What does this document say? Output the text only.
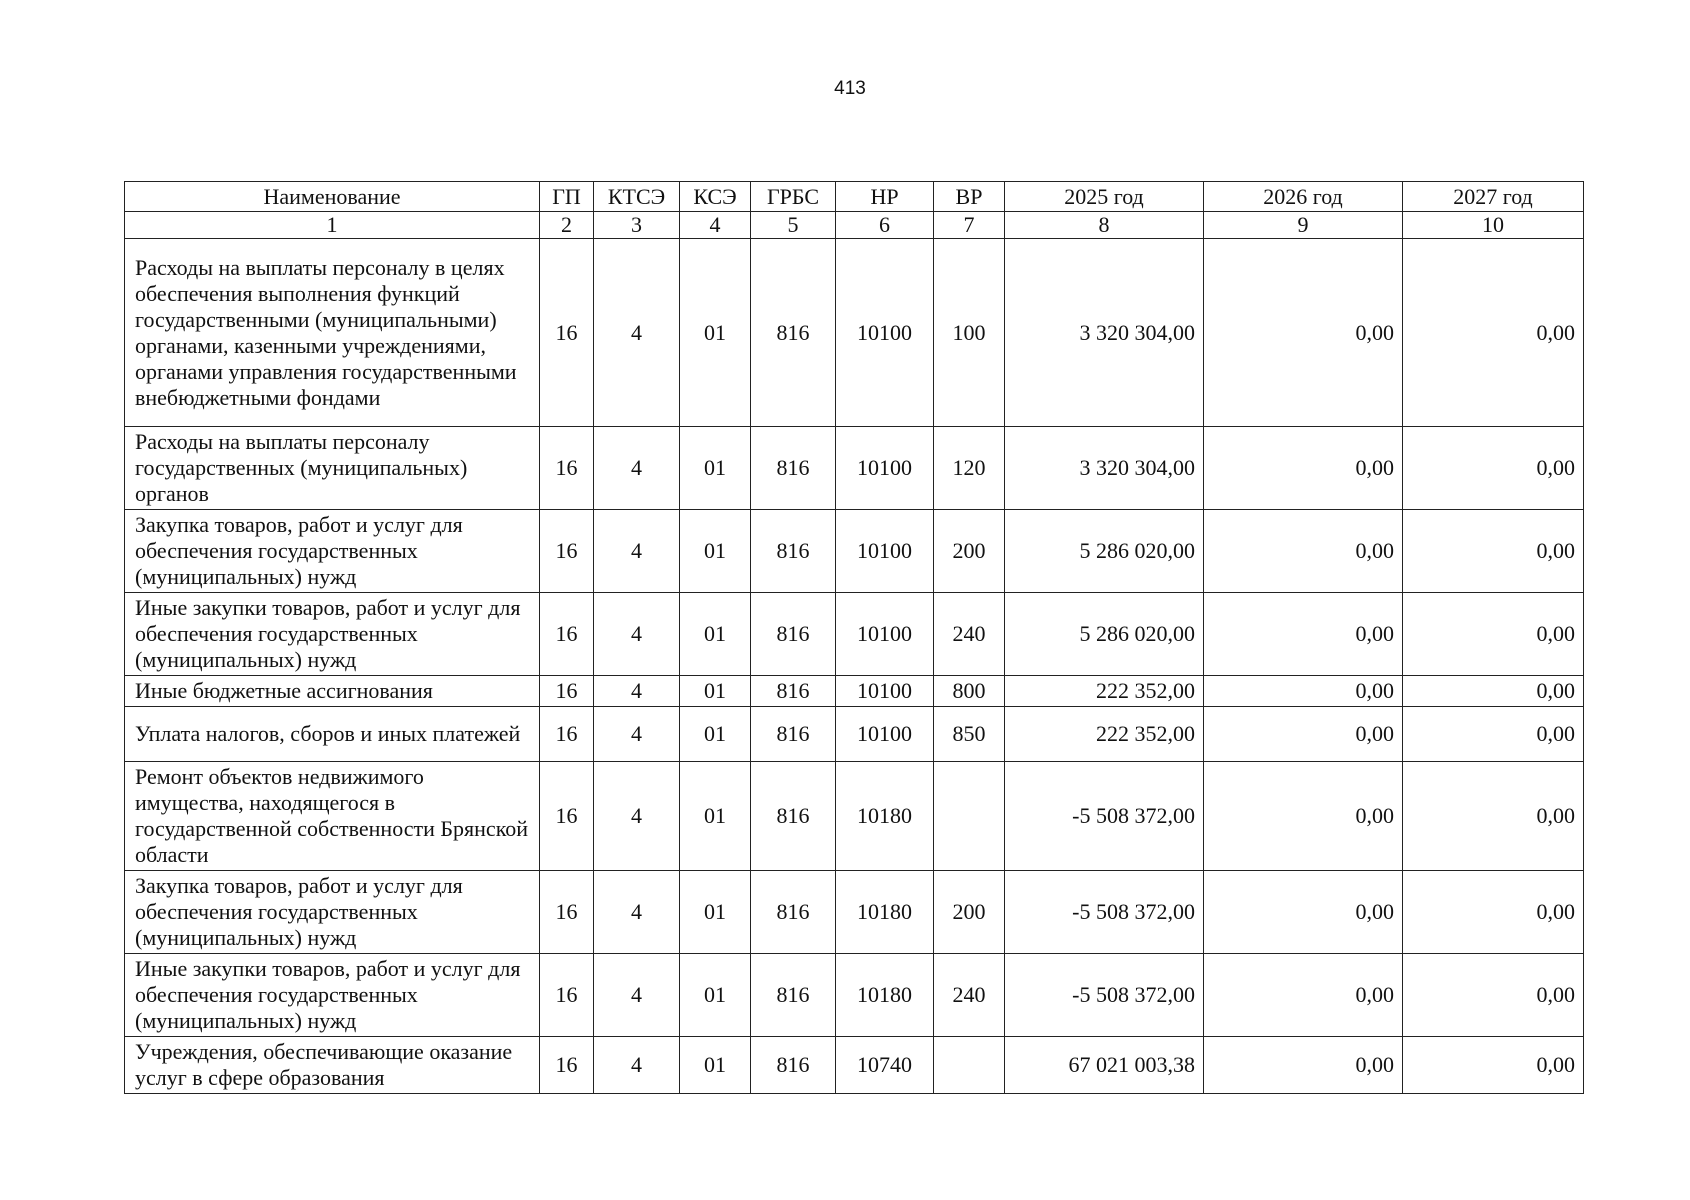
413
Наименование	ГП	КТСЭ	КСЭ	ГРБС	НР	ВР	2025 год	2026 год	2027 год
1	2	3	4	5	6	7	8	9	10
Расходы на выплаты персоналу в целях обеспечения выполнения функций государственными (муниципальными) органами, казенными учреждениями, органами управления государственными внебюджетными фондами	16	4	01	816	10100	100	3 320 304,00	0,00	0,00
Расходы на выплаты персоналу государственных (муниципальных) органов	16	4	01	816	10100	120	3 320 304,00	0,00	0,00
Закупка товаров, работ и услуг для обеспечения государственных (муниципальных) нужд	16	4	01	816	10100	200	5 286 020,00	0,00	0,00
Иные закупки товаров, работ и услуг для обеспечения государственных (муниципальных) нужд	16	4	01	816	10100	240	5 286 020,00	0,00	0,00
Иные бюджетные ассигнования	16	4	01	816	10100	800	222 352,00	0,00	0,00
Уплата налогов, сборов и иных платежей	16	4	01	816	10100	850	222 352,00	0,00	0,00
Ремонт объектов недвижимого имущества, находящегося в государственной собственности Брянской области	16	4	01	816	10180		-5 508 372,00	0,00	0,00
Закупка товаров, работ и услуг для обеспечения государственных (муниципальных) нужд	16	4	01	816	10180	200	-5 508 372,00	0,00	0,00
Иные закупки товаров, работ и услуг для обеспечения государственных (муниципальных) нужд	16	4	01	816	10180	240	-5 508 372,00	0,00	0,00
Учреждения, обеспечивающие оказание услуг в сфере образования	16	4	01	816	10740		67 021 003,38	0,00	0,00
